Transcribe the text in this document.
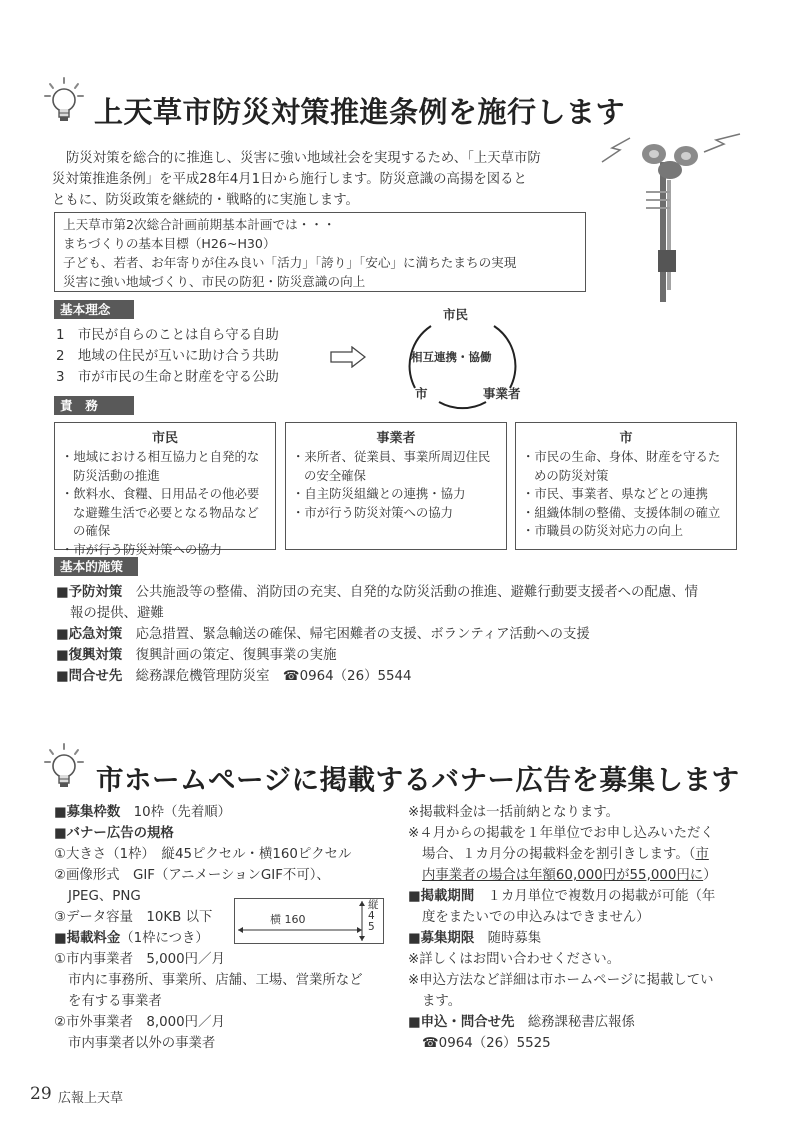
上天草市防災対策推進条例を施行します
防災対策を総合的に推進し、災害に強い地域社会を実現するため、「上天草市防
災対策推進条例」を平成28年4月1日から施行します。防災意識の高揚を図ると
ともに、防災政策を継続的・戦略的に実施します。
上天草市第2次総合計画前期基本計画では・・・
まちづくりの基本目標（H26~H30）
子ども、若者、お年寄りが住み良い「活力」「誇り」「安心」に満ちたまちの実現
災害に強い地域づくり、市民の防犯・防災意識の向上
基本理念
1　市民が自らのことは自ら守る自助
2　地域の住民が互いに助け合う共助
3　市が市民の生命と財産を守る公助
市民
相互連携・協働
市	事業者
責　務
市民
・地域における相互協力と自発的な防災活動の推進
・飲料水、食糧、日用品その他必要な避難生活で必要となる物品などの確保
・市が行う防災対策への協力
事業者
・来所者、従業員、事業所周辺住民の安全確保
・自主防災組織との連携・協力
・市が行う防災対策への協力
市
・市民の生命、身体、財産を守るための防災対策
・市民、事業者、県などとの連携
・組織体制の整備、支援体制の確立
・市職員の防災対応力の向上
基本的施策
■予防対策　 公共施設等の整備、消防団の充実、自発的な防災活動の推進、避難行動要支援者への配慮、情
報の提供、避難
■応急対策　 応急措置、緊急輸送の確保、帰宅困難者の支援、ボランティア活動への支援
■復興対策　 復興計画の策定、復興事業の実施
■問合せ先　 総務課危機管理防災室　☎0964（26）5544
市ホームページに掲載するバナー広告を募集します
■募集枠数　 10枠（先着順）
■バナー広告の規格
①大きさ（1枠）　縦45ピクセル・横160ピクセル
②画像形式　GIF（アニメーションGIF不可）、
JPEG、PNG
③データ容量　10KB 以下
■掲載料金（1枠につき）
①市内事業者　5,000円／月
市内に事務所、事業所、店舗、工場、営業所など
を有する事業者
②市外事業者　8,000円／月
市内事業者以外の事業者
横 160
縦45
※掲載料金は一括前納となります。
※４月からの掲載を１年単位でお申し込みいただく
場合、１カ月分の掲載料金を割引きします。（市
内事業者の場合は年額60,000円が55,000円に）
■掲載期間　 １カ月単位で複数月の掲載が可能（年
度をまたいでの申込みはできません）
■募集期限　 随時募集
※詳しくはお問い合わせください。
※申込方法など詳細は市ホームページに掲載してい
ます。
■申込・問合せ先　 総務課秘書広報係
☎0964（26）5525
29 広報上天草
